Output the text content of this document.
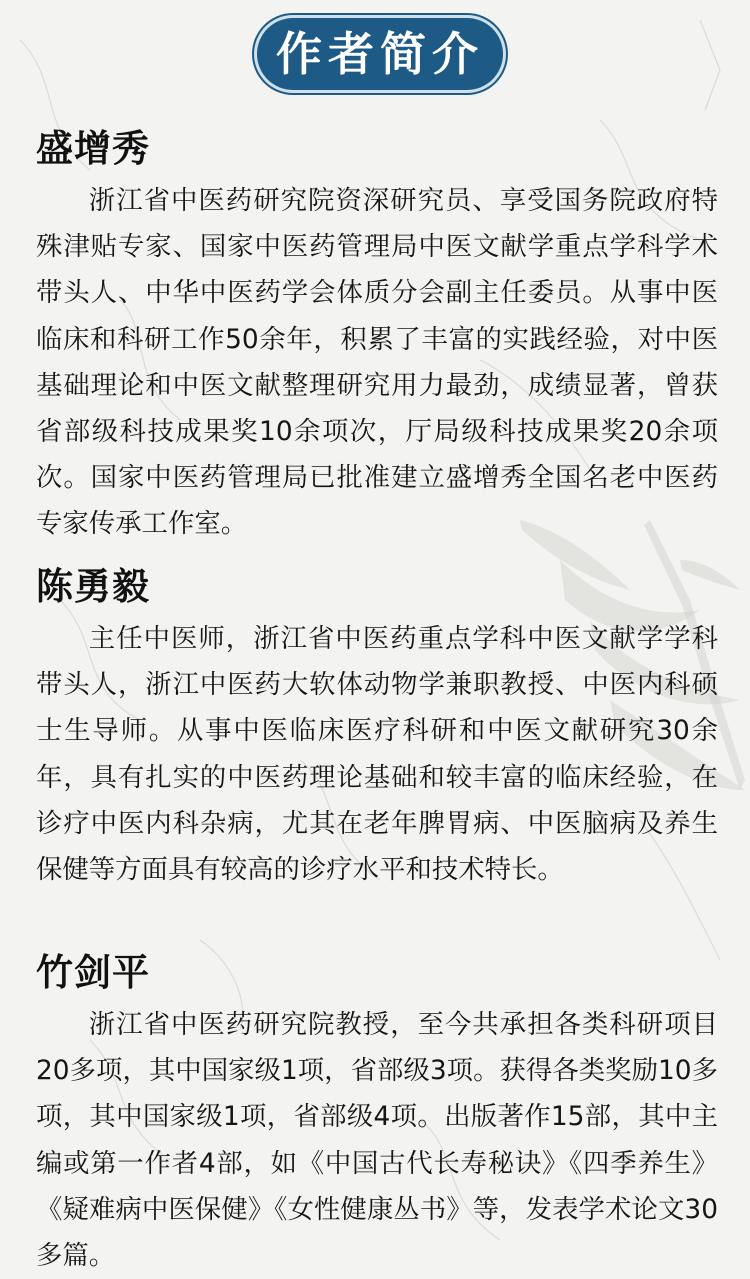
作者简介
盛增秀
浙江省中医药研究院资深研究员、享受国务院政府特殊津贴专家、国家中医药管理局中医文献学重点学科学术带头人、中华中医药学会体质分会副主任委员。从事中医临床和科研工作50余年，积累了丰富的实践经验，对中医基础理论和中医文献整理研究用力最劲，成绩显著，曾获省部级科技成果奖10余项次，厅局级科技成果奖20余项次。国家中医药管理局已批准建立盛增秀全国名老中医药专家传承工作室。
陈勇毅
主任中医师，浙江省中医药重点学科中医文献学学科带头人，浙江中医药大软体动物学兼职教授、中医内科硕士生导师。从事中医临床医疗科研和中医文献研究30余年，具有扎实的中医药理论基础和较丰富的临床经验，在诊疗中医内科杂病，尤其在老年脾胃病、中医脑病及养生保健等方面具有较高的诊疗水平和技术特长。
竹剑平
浙江省中医药研究院教授，至今共承担各类科研项目20多项，其中国家级1项，省部级3项。获得各类奖励10多项，其中国家级1项，省部级4项。出版著作15部，其中主编或第一作者4部，如《中国古代长寿秘诀》《四季养生》《疑难病中医保健》《女性健康丛书》等，发表学术论文30多篇。
